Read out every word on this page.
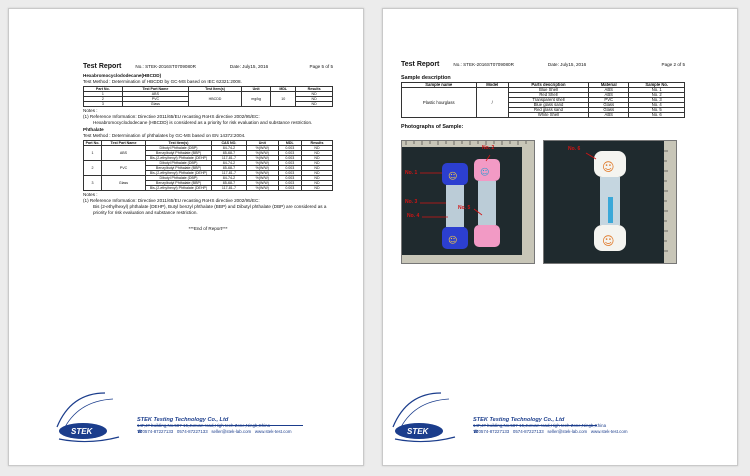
Test Report	No.: STEK-2016ST0709080R	Date: July15, 2016	Page 5 of 5
Hexabromocyclododecane(HBCDD)
Test Method : Determination of HBCDD by GC-MS based on IEC 62321:2008.
Part No.	Test Part Name	Test Item(s)	Unit	MDL	Results
1	ABS	HBCDD	mg/kg	10	ND
2	PVC				ND
3	Glass				ND
Notes :
(1) Reference Information: Directive 2011/65/EU recasting RoHS directive 2002/95/EC:
Hexabromocyclododecane (HBCDD) is considered as a priority for risk evaluation and substance restriction.
Phthalate
Test Method : Determination of phthalates by GC-MS based on EN 14372:2004.
Part No.	Test Part Name	Test Item(s)	CAS NO.	Unit	MDL	Results
1	ABS	Dibutyl Phthalate (DBP)	84-74-2	%(W/W)	0.003	ND
		Benzylbutyl Phthalate (BBP)	85-68-7	%(W/W)	0.003	ND
		Bis-(2-ethylhexyl) Phthalate (DEHP)	117-81-7	%(W/W)	0.003	ND
2	PVC	Dibutyl Phthalate (DBP)	84-74-2	%(W/W)	0.003	ND
		Benzylbutyl Phthalate (BBP)	85-68-7	%(W/W)	0.003	ND
		Bis-(2-ethylhexyl) Phthalate (DEHP)	117-81-7	%(W/W)	0.003	ND
3	Glass	Dibutyl Phthalate (DBP)	84-74-2	%(W/W)	0.003	ND
		Benzylbutyl Phthalate (BBP)	85-68-7	%(W/W)	0.003	ND
		Bis-(2-ethylhexyl) Phthalate (DEHP)	117-81-7	%(W/W)	0.003	ND
Notes :
(1) Reference Information: Directive 2011/65/EU recasting RoHS directive 2002/95/EC:
Bis (2-ethylhexyl) phthalate (DEHP), Butyl benzyl phthalate (BBP) and Dibutyl phthalate (DBP) are considered as a priority for risk evaluation and substance restriction.
***End of Report***
STEK
STEK Testing Technology Co., Ltd
14F,J# building,No.587-15,Junxan road,High-tech Zone,Ningb,China
☎0574-87227133 0574-87227133 seller@stek-lab.com www.stek-test.com
Test Report	No.: STEK-2016ST0709080R	Date: July15, 2016	Page 2 of 5
Sample description
Sample name	Model	Parts description	Material	Sample No.
Plastic hourglass	/	Blue Shell	ABS	No. 1
		Red Shell	ABS	No. 2
		Transparent shell	PVC	No. 3
		Blue glass sand	Glass	No. 4
		Red glass sand	Glass	No. 5
		White Shell	ABS	No. 6
Photographs of Sample:
☺
☺
☺
No. 2
No. 1
No. 3
No. 4
No. 5
☺
☺
No. 6
STEK
STEK Testing Technology Co., Ltd
14F,J# building,No.587-15,Junxan road,High-tech Zone,Ningb,China
☎0574-87227133 0574-87227133 seller@stek-lab.com www.stek-test.com
